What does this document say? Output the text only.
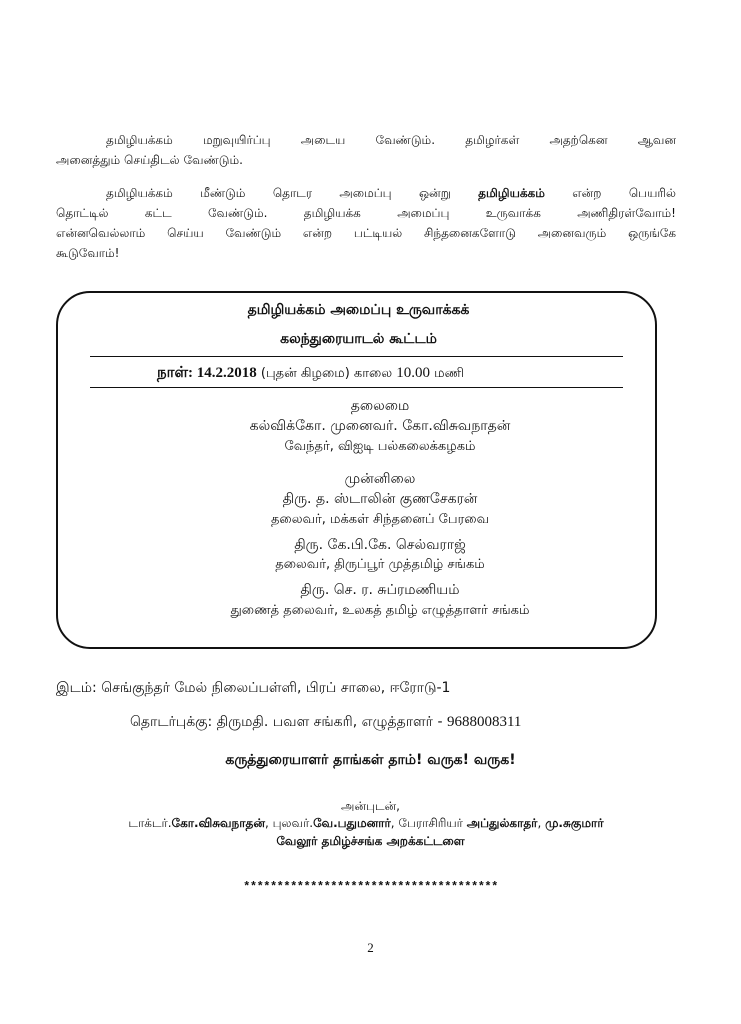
தமிழியக்கம் மறுவுயிர்ப்பு அடைய வேண்டும். தமிழர்கள் அதற்கென ஆவன
அனைத்தும் செய்திடல் வேண்டும்.
தமிழியக்கம் மீண்டும் தொடர அமைப்பு ஒன்று தமிழியக்கம் என்ற பெயரில்
தொட்டில் கட்ட வேண்டும். தமிழியக்க அமைப்பு உருவாக்க அணிதிரள்வோம்!
என்னவெல்லாம் செய்ய வேண்டும் என்ற பட்டியல் சிந்தனைகளோடு அனைவரும் ஒருங்கே
கூடுவோம்!
தமிழியக்கம் அமைப்பு உருவாக்கக்
கலந்துரையாடல் கூட்டம்
நாள்: 14.2.2018 (புதன் கிழமை) காலை 10.00 மணி
தலைமை
கல்விக்கோ. முனைவர். கோ.விசுவநாதன்
வேந்தர், விஐடி பல்கலைக்கழகம்
முன்னிலை
திரு. த. ஸ்டாலின் குணசேகரன்
தலைவர், மக்கள் சிந்தனைப் பேரவை
திரு. கே.பி.கே. செல்வராஜ்
தலைவர், திருப்பூர் முத்தமிழ் சங்கம்
திரு. செ. ர. சுப்ரமணியம்
துணைத் தலைவர், உலகத் தமிழ் எழுத்தாளர் சங்கம்
இடம்: செங்குந்தர் மேல் நிலைப்பள்ளி, பிரப் சாலை, ஈரோடு-1
தொடர்புக்கு: திருமதி. பவள சங்கரி, எழுத்தாளர் - 9688008311
கருத்துரையாளர் தாங்கள் தாம்! வருக! வருக!
அன்புடன்,
டாக்டர்.கோ.விசுவநாதன், புலவர்.வே.பதுமனார், பேராசிரியர் அப்துல்காதர், மு.சுகுமார்
வேலூர் தமிழ்ச்சங்க அறக்கட்டளை
**************************************
2
